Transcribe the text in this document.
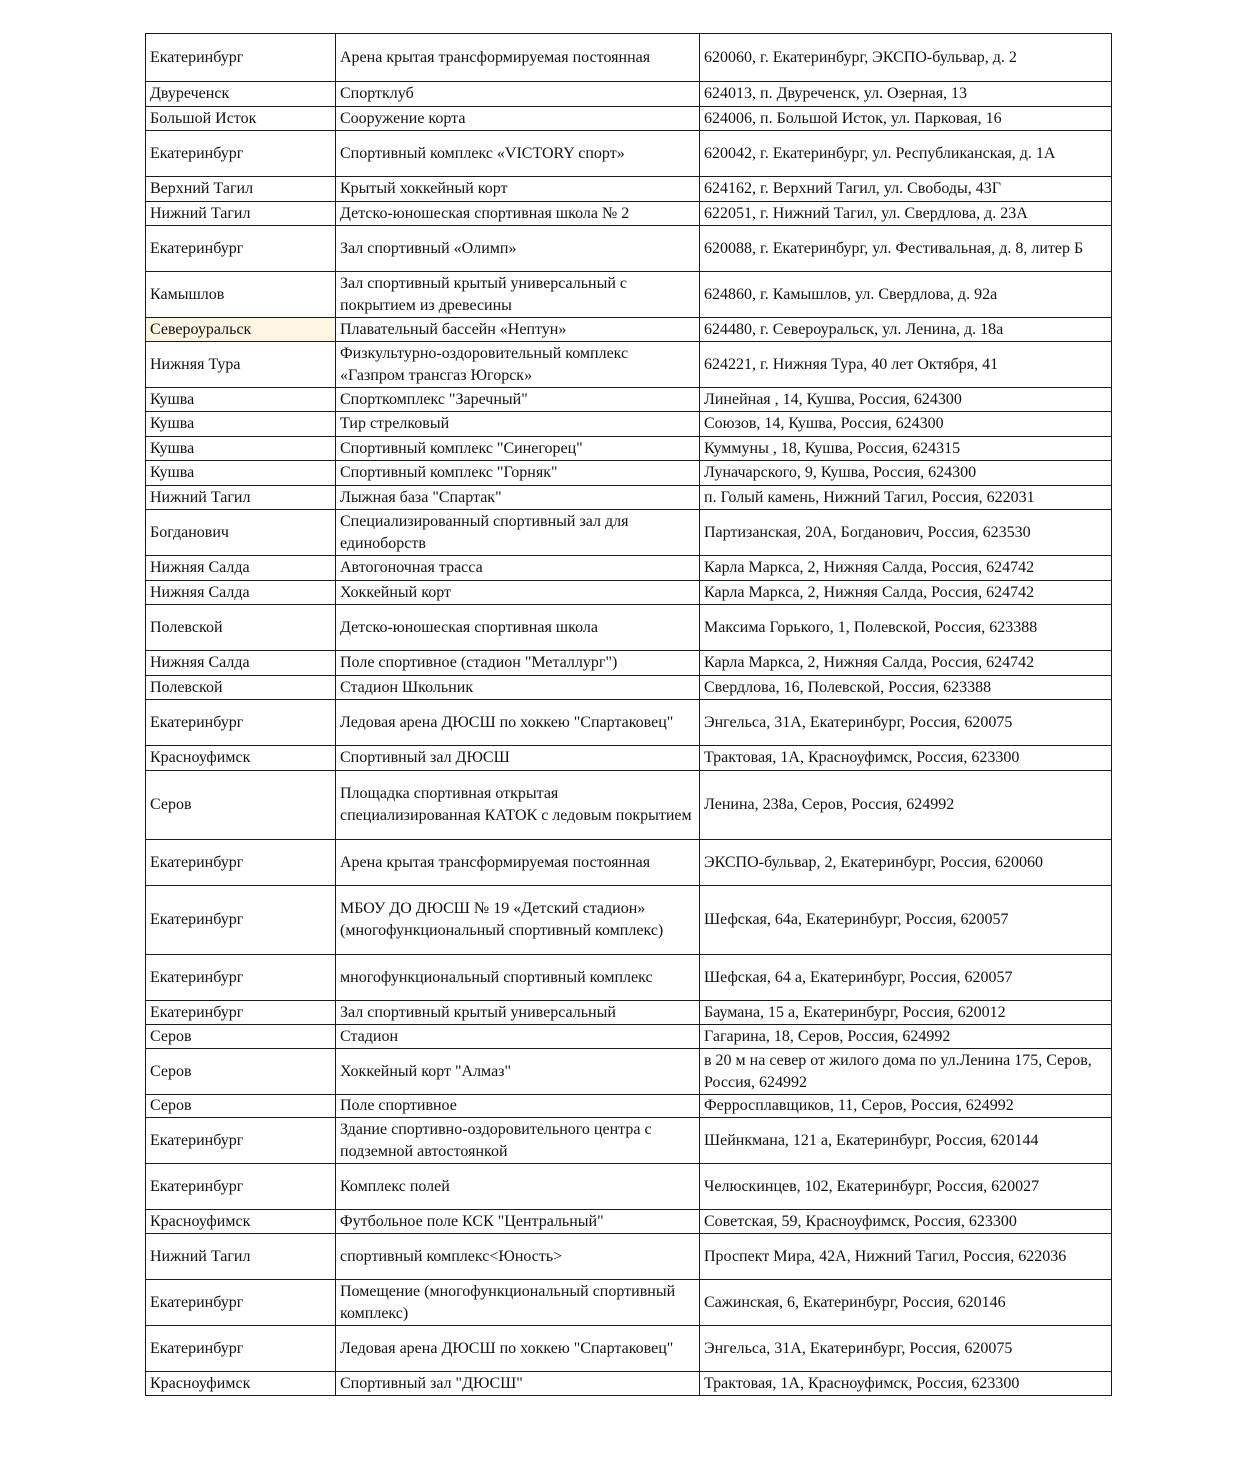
Екатеринбург	Арена крытая трансформируемая постоянная	620060, г. Екатеринбург, ЭКСПО-бульвар, д. 2
Двуреченск	Спортклуб	624013, п. Двуреченск, ул. Озерная, 13
Большой Исток	Сооружение корта	624006, п. Большой Исток, ул. Парковая, 16
Екатеринбург	Спортивный комплекс «VICTORY спорт»	620042, г. Екатеринбург, ул. Республиканская, д. 1А
Верхний Тагил	Крытый хоккейный корт	624162, г. Верхний Тагил, ул. Свободы, 43Г
Нижний Тагил	Детско-юношеская спортивная школа № 2	622051, г. Нижний Тагил, ул. Свердлова, д. 23А
Екатеринбург	Зал спортивный «Олимп»	620088, г. Екатеринбург, ул. Фестивальная, д. 8, литер Б
Камышлов	Зал спортивный крытый универсальный с покрытием из древесины	624860, г. Камышлов, ул. Свердлова, д. 92а
Североуральск	Плавательный бассейн «Нептун»	624480, г. Североуральск, ул. Ленина, д. 18а
Нижняя Тура	Физкультурно-оздоровительный комплекс «Газпром трансгаз Югорск»	624221, г. Нижняя Тура, 40 лет Октября, 41
Кушва	Спорткомплекс "Заречный"	Линейная , 14, Кушва, Россия, 624300
Кушва	Тир стрелковый	Союзов, 14, Кушва, Россия, 624300
Кушва	Спортивный комплекс "Синегорец"	Куммуны , 18, Кушва, Россия, 624315
Кушва	Спортивный комплекс "Горняк"	Луначарского, 9, Кушва, Россия, 624300
Нижний Тагил	Лыжная база "Спартак"	п. Голый камень, Нижний Тагил, Россия, 622031
Богданович	Специализированный спортивный зал для единоборств	Партизанская, 20А, Богданович, Россия, 623530
Нижняя Салда	Автогоночная трасса	Карла Маркса, 2, Нижняя Салда, Россия, 624742
Нижняя Салда	Хоккейный корт	Карла Маркса, 2, Нижняя Салда, Россия, 624742
Полевской	Детско-юношеская спортивная школа	Максима Горького, 1, Полевской, Россия, 623388
Нижняя Салда	Поле спортивное (стадион "Металлург")	Карла Маркса, 2, Нижняя Салда, Россия, 624742
Полевской	Стадион Школьник	Свердлова, 16, Полевской, Россия, 623388
Екатеринбург	Ледовая арена ДЮСШ по хоккею "Спартаковец"	Энгельса, 31А, Екатеринбург, Россия, 620075
Красноуфимск	Спортивный зал ДЮСШ	Трактовая, 1А, Красноуфимск, Россия, 623300
Серов	Площадка спортивная открытая специализированная КАТОК с ледовым покрытием	Ленина, 238а, Серов, Россия, 624992
Екатеринбург	Арена крытая трансформируемая постоянная	ЭКСПО-бульвар, 2, Екатеринбург, Россия, 620060
Екатеринбург	МБОУ ДО ДЮСШ № 19 «Детский стадион» (многофункциональный спортивный комплекс)	Шефская, 64а, Екатеринбург, Россия, 620057
Екатеринбург	многофункциональный спортивный комплекс	Шефская, 64 а, Екатеринбург, Россия, 620057
Екатеринбург	Зал спортивный крытый универсальный	Баумана, 15 а, Екатеринбург, Россия, 620012
Серов	Стадион	Гагарина, 18, Серов, Россия, 624992
Серов	Хоккейный корт "Алмаз"	в 20 м на север от жилого дома по ул.Ленина 175, Серов, Россия, 624992
Серов	Поле спортивное	Ферросплавщиков, 11, Серов, Россия, 624992
Екатеринбург	Здание спортивно-оздоровительного центра с подземной автостоянкой	Шейнкмана, 121 а, Екатеринбург, Россия, 620144
Екатеринбург	Комплекс полей	Челюскинцев, 102, Екатеринбург, Россия, 620027
Красноуфимск	Футбольное поле КСК "Центральный"	Советская, 59, Красноуфимск, Россия, 623300
Нижний Тагил	спортивный комплекс<Юность>	Проспект Мира, 42А, Нижний Тагил, Россия, 622036
Екатеринбург	Помещение (многофункциональный спортивный комплекс)	Сажинская, 6, Екатеринбург, Россия, 620146
Екатеринбург	Ледовая арена ДЮСШ по хоккею "Спартаковец"	Энгельса, 31А, Екатеринбург, Россия, 620075
Красноуфимск	Спортивный зал "ДЮСШ"	Трактовая, 1А, Красноуфимск, Россия, 623300
